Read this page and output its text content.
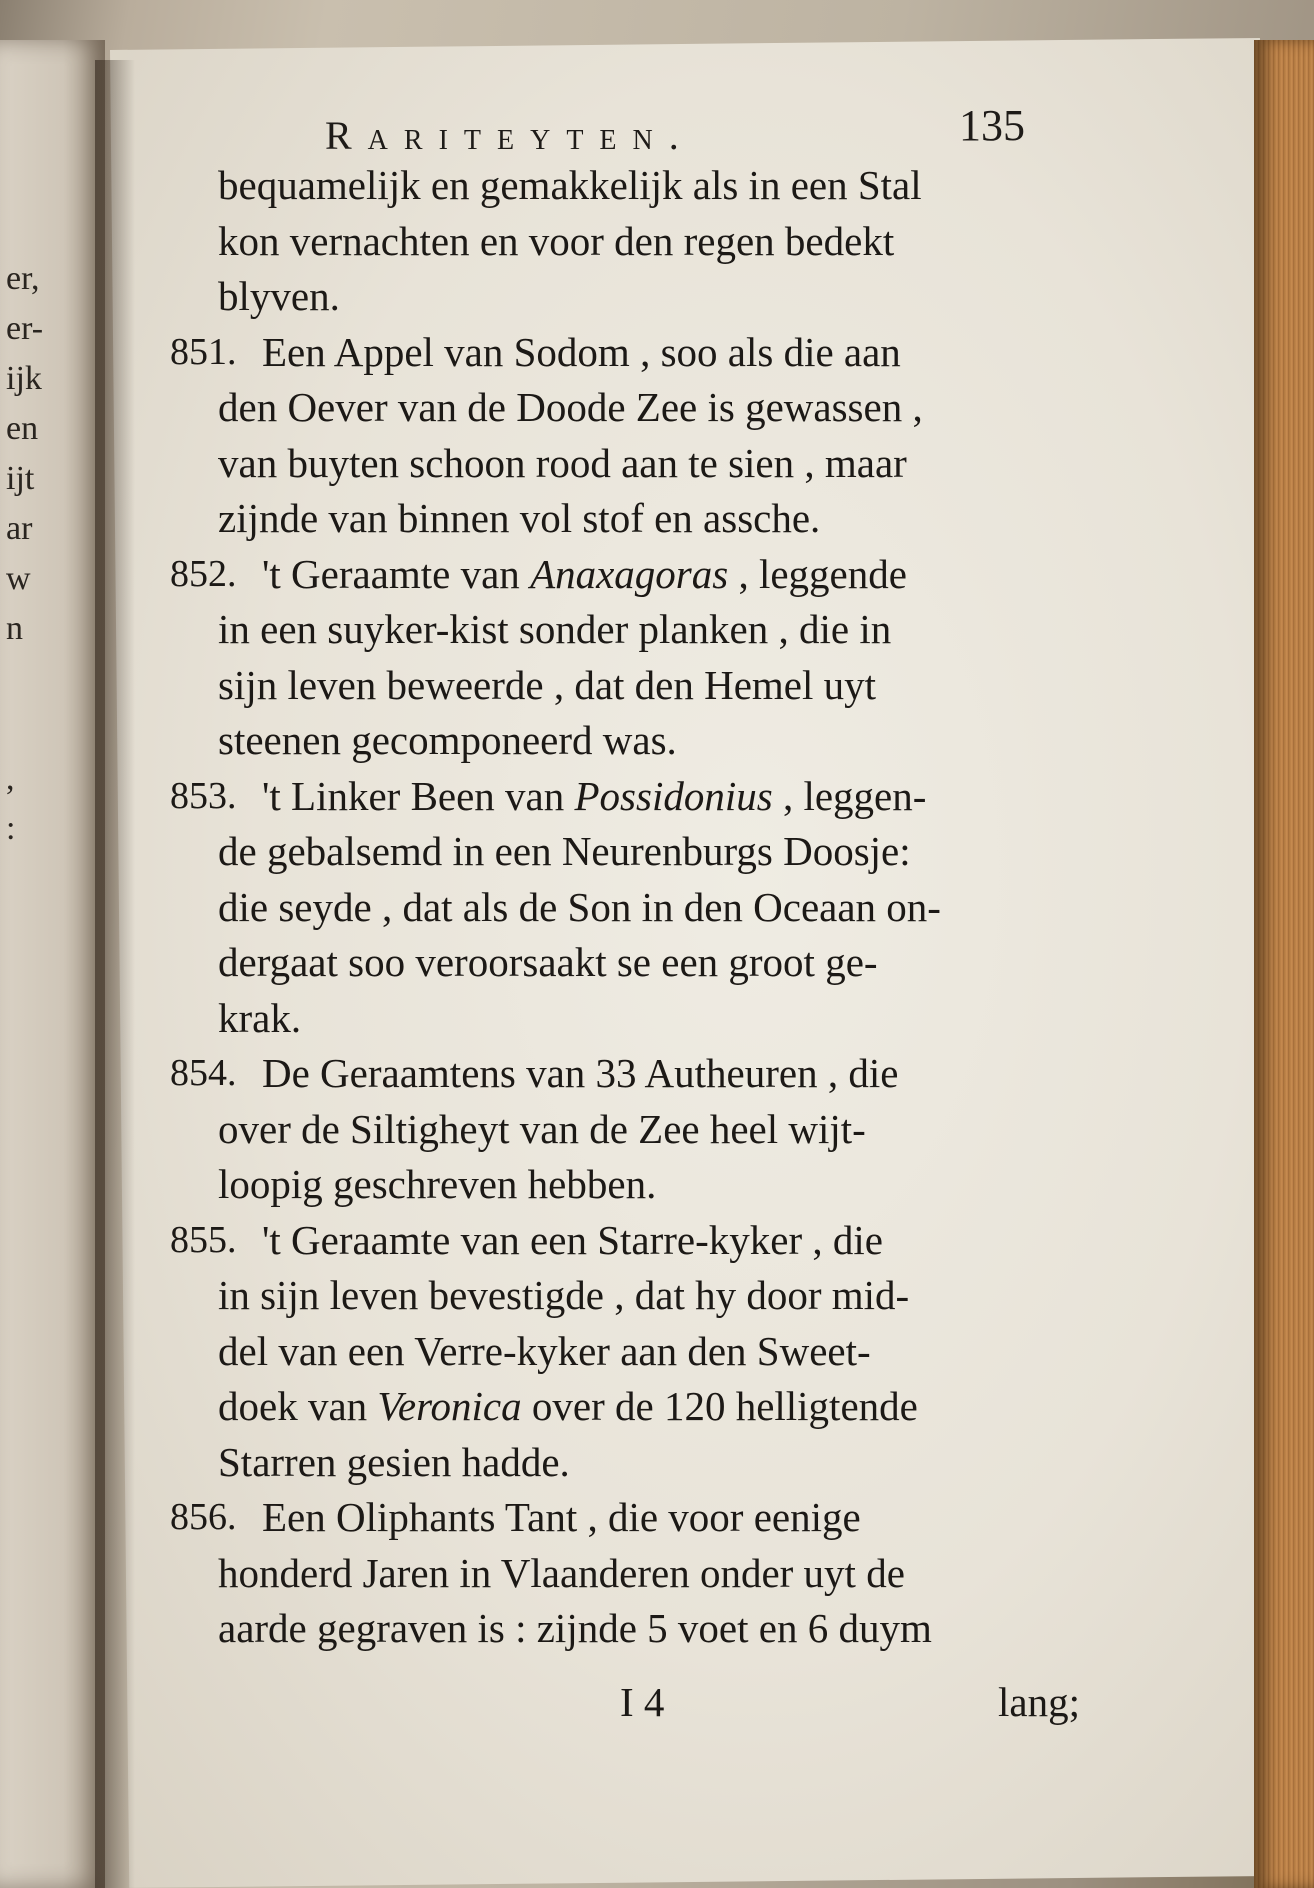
er,
er-
ijk
en
ijt
ar
w
n
,
:
Rariteyten.	135
bequamelijk en gemakkelijk als in een Stal
kon vernachten en voor den regen bedekt
blyven.
851. Een Appel van Sodom , soo als die aan
den Oever van de Doode Zee is gewassen ,
van buyten schoon rood aan te sien , maar
zijnde van binnen vol stof en assche.
852. 't Geraamte van Anaxagoras , leggende
in een suyker-kist sonder planken , die in
sijn leven beweerde , dat den Hemel uyt
steenen gecomponeerd was.
853. 't Linker Been van Possidonius , leggen-
de gebalsemd in een Neurenburgs Doosje:
die seyde , dat als de Son in den Oceaan on-
dergaat soo veroorsaakt se een groot ge-
krak.
854. De Geraamtens van 33 Autheuren , die
over de Siltigheyt van de Zee heel wijt-
loopig geschreven hebben.
855. 't Geraamte van een Starre-kyker , die
in sijn leven bevestigde , dat hy door mid-
del van een Verre-kyker aan den Sweet-
doek van Veronica over de 120 helligtende
Starren gesien hadde.
856. Een Oliphants Tant , die voor eenige
honderd Jaren in Vlaanderen onder uyt de
aarde gegraven is : zijnde 5 voet en 6 duym
I 4	lang;
